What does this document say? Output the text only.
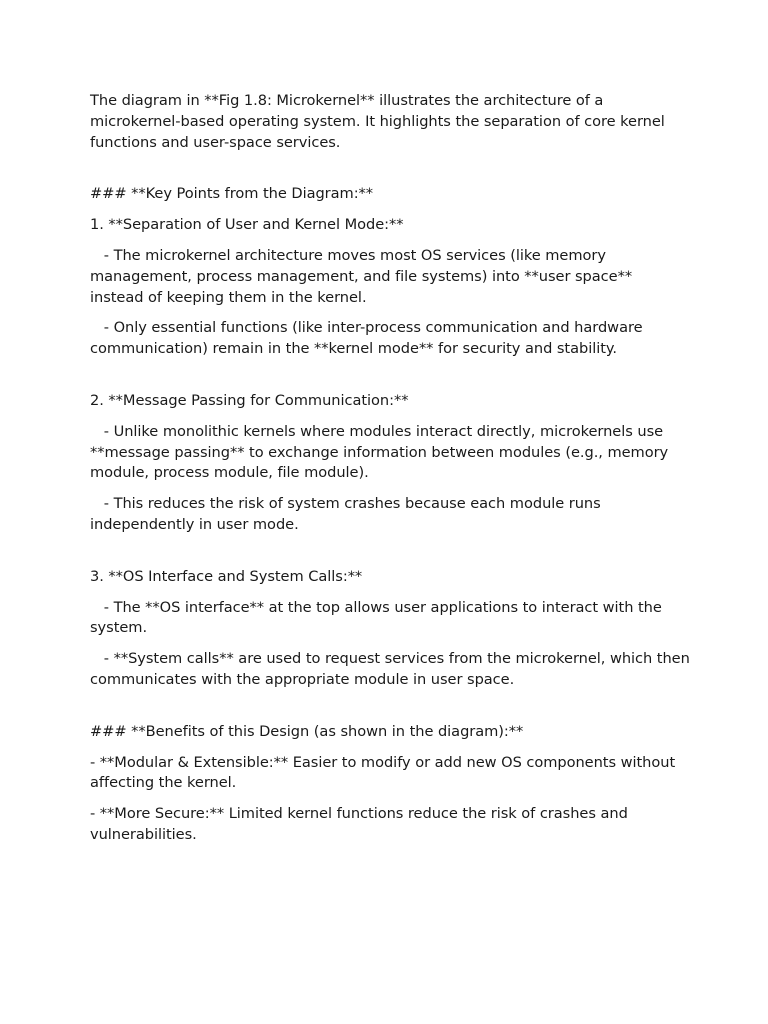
The diagram in **Fig 1.8: Microkernel** illustrates the architecture of a microkernel-based operating system. It highlights the separation of core kernel functions and user-space services.

### **Key Points from the Diagram:**

1. **Separation of User and Kernel Mode:**

- The microkernel architecture moves most OS services (like memory management, process management, and file systems) into **user space** instead of keeping them in the kernel.

- Only essential functions (like inter-process communication and hardware communication) remain in the **kernel mode** for security and stability.

2. **Message Passing for Communication:**

- Unlike monolithic kernels where modules interact directly, microkernels use **message passing** to exchange information between modules (e.g., memory module, process module, file module).

- This reduces the risk of system crashes because each module runs independently in user mode.

3. **OS Interface and System Calls:**

- The **OS interface** at the top allows user applications to interact with the system.

- **System calls** are used to request services from the microkernel, which then communicates with the appropriate module in user space.

### **Benefits of this Design (as shown in the diagram):**

- **Modular & Extensible:** Easier to modify or add new OS components without affecting the kernel.

- **More Secure:** Limited kernel functions reduce the risk of crashes and vulnerabilities.
